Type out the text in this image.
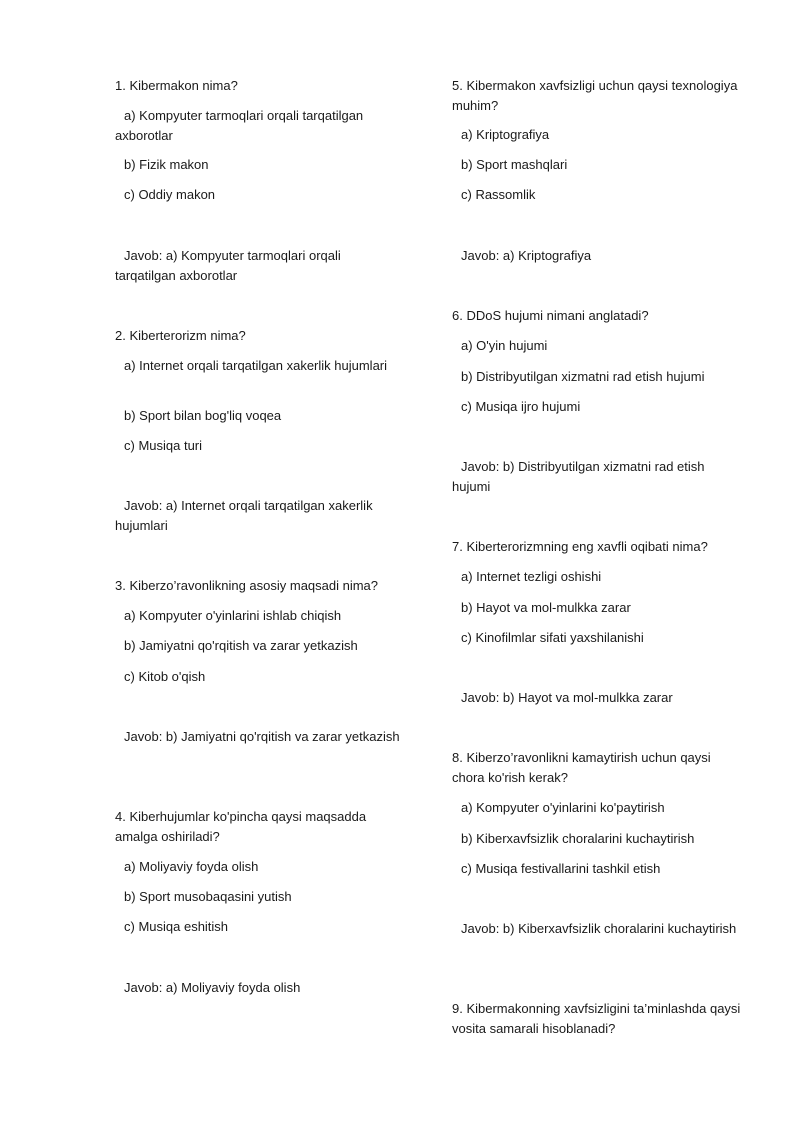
1. Kibermakon nima?
a) Kompyuter tarmoqlari orqali tarqatilgan axborotlar
b) Fizik makon
c) Oddiy makon
Javob: a) Kompyuter tarmoqlari orqali tarqatilgan axborotlar
2. Kiberterorizm nima?
a) Internet orqali tarqatilgan xakerlik hujumlari
b) Sport bilan bog'liq voqea
c) Musiqa turi
Javob: a) Internet orqali tarqatilgan xakerlik hujumlari
3. Kiberzo’ravonlikning asosiy maqsadi nima?
a) Kompyuter o'yinlarini ishlab chiqish
b) Jamiyatni qo'rqitish va zarar yetkazish
c) Kitob o'qish
Javob: b) Jamiyatni qo'rqitish va zarar yetkazish
4. Kiberhujumlar ko'pincha qaysi maqsadda amalga oshiriladi?
a) Moliyaviy foyda olish
b) Sport musobaqasini yutish
c) Musiqa eshitish
Javob: a) Moliyaviy foyda olish
5. Kibermakon xavfsizligi uchun qaysi texnologiya muhim?
a) Kriptografiya
b) Sport mashqlari
c) Rassomlik
Javob: a) Kriptografiya
6. DDoS hujumi nimani anglatadi?
a) O'yin hujumi
b) Distribyutilgan xizmatni rad etish hujumi
c) Musiqa ijro hujumi
Javob: b) Distribyutilgan xizmatni rad etish hujumi
7. Kiberterorizmning eng xavfli oqibati nima?
a) Internet tezligi oshishi
b) Hayot va mol-mulkka zarar
c) Kinofilmlar sifati yaxshilanishi
Javob: b) Hayot va mol-mulkka zarar
8. Kiberzo’ravonlikni kamaytirish uchun qaysi chora ko'rish kerak?
a) Kompyuter o'yinlarini ko'paytirish
b) Kiberxavfsizlik choralarini kuchaytirish
c) Musiqa festivallarini tashkil etish
Javob: b) Kiberxavfsizlik choralarini kuchaytirish
9. Kibermakonning xavfsizligini ta’minlashda qaysi vosita samarali hisoblanadi?
